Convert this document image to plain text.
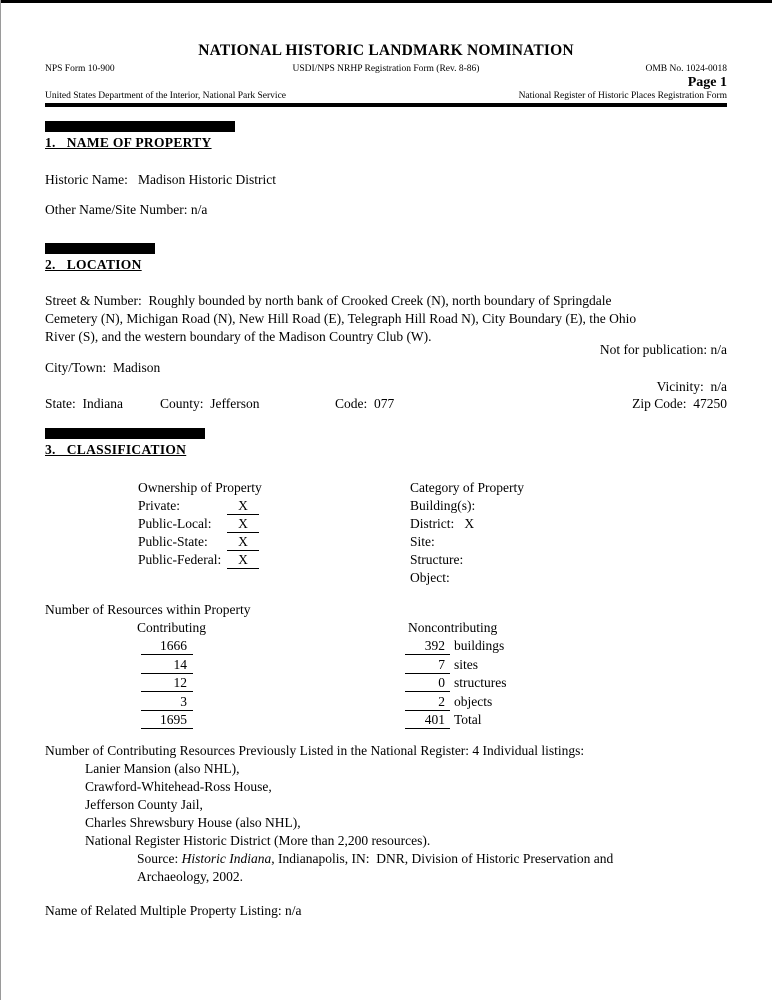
NATIONAL HISTORIC LANDMARK NOMINATION
NPS Form 10-900	USDI/NPS NRHP Registration Form (Rev. 8-86)	OMB No. 1024-0018
Page 1
United States Department of the Interior, National Park Service	National Register of Historic Places Registration Form
1.   NAME OF PROPERTY
Historic Name:   Madison Historic District
Other Name/Site Number: n/a
2.   LOCATION
Street & Number:  Roughly bounded by north bank of Crooked Creek (N), north boundary of Springdale
Cemetery (N), Michigan Road (N), New Hill Road (E), Telegraph Hill Road N), City Boundary (E), the Ohio
River (S), and the western boundary of the Madison Country Club (W).
Not for publication: n/a
City/Town:  Madison
Vicinity:  n/a
State:  Indiana	County:  Jefferson	Code:  077	Zip Code:  47250
3.   CLASSIFICATION
Ownership of Property
Private:	X
Public-Local: X
Public-State: X
Public-Federal: X
Category of Property
Building(s):
District:   X
Site:
Structure:
Object:
Number of Resources within Property
Contributing	Noncontributing
1666	392 buildings
14	7 sites
12	0 structures
3	2 objects
1695	401 Total
Number of Contributing Resources Previously Listed in the National Register: 4 Individual listings:
Lanier Mansion (also NHL),
Crawford-Whitehead-Ross House,
Jefferson County Jail,
Charles Shrewsbury House (also NHL),
National Register Historic District (More than 2,200 resources).
Source: Historic Indiana, Indianapolis, IN:  DNR, Division of Historic Preservation and
Archaeology, 2002.
Name of Related Multiple Property Listing: n/a
